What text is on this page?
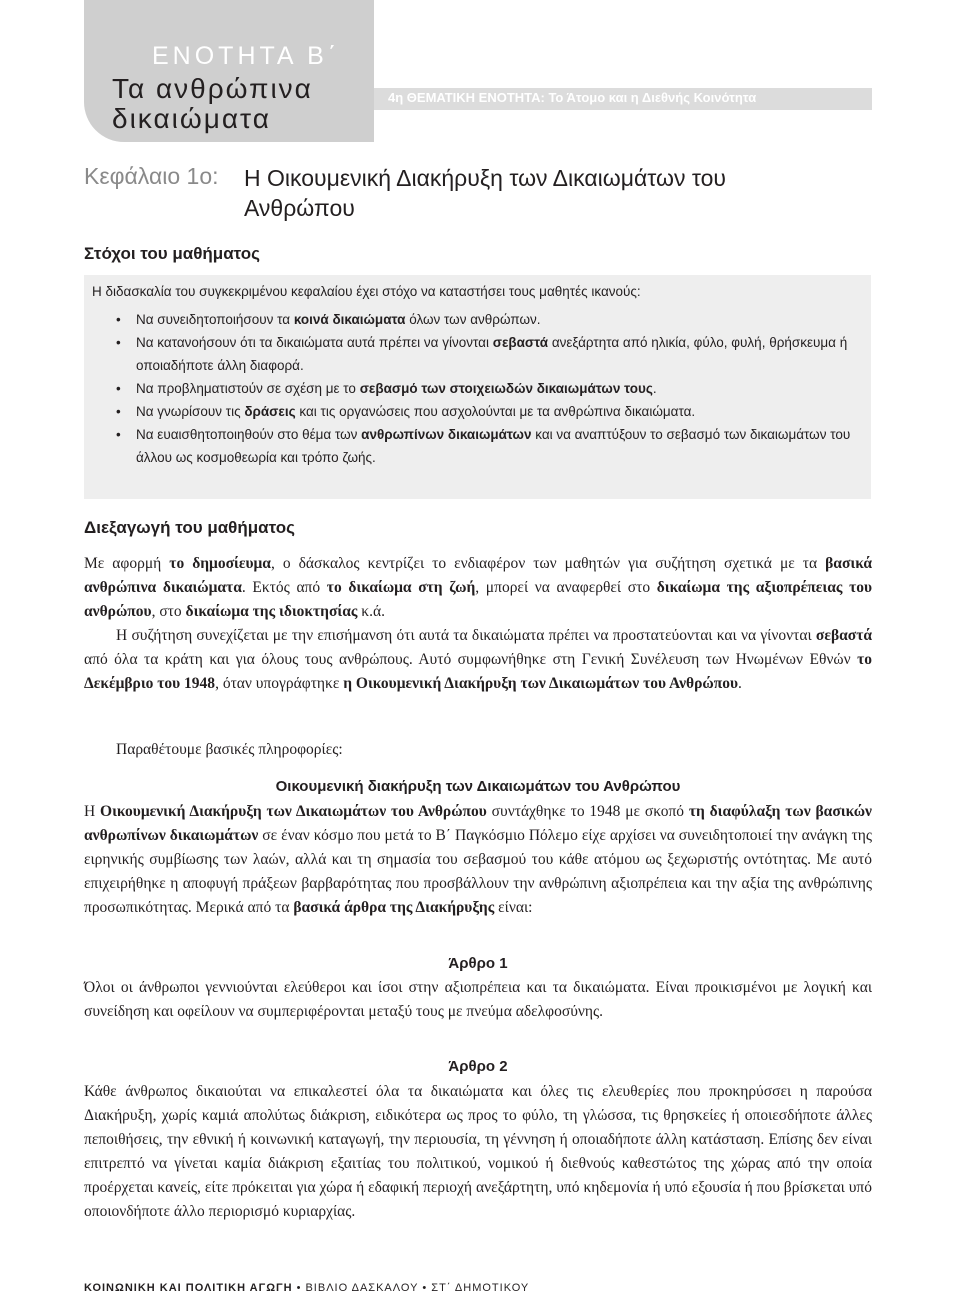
ΕΝΟΤΗΤΑ Β΄
Τα ανθρώπινα δικαιώματα
4η ΘΕΜΑΤΙΚΗ ΕΝΟΤΗΤΑ: Το Άτομο και η Διεθνής Κοινότητα
Κεφάλαιο 1ο: Η Οικουμενική Διακήρυξη των Δικαιωμάτων του Ανθρώπου
Στόχοι του μαθήματος
Η διδασκαλία του συγκεκριμένου κεφαλαίου έχει στόχο να καταστήσει τους μαθητές ικανούς:
• Να συνειδητοποιήσουν τα κοινά δικαιώματα όλων των ανθρώπων.
• Να κατανοήσουν ότι τα δικαιώματα αυτά πρέπει να γίνονται σεβαστά ανεξάρτητα από ηλικία, φύλο, φυλή, θρήσκευμα ή οποιαδήποτε άλλη διαφορά.
• Να προβληματιστούν σε σχέση με το σεβασμό των στοιχειωδών δικαιωμάτων τους.
• Να γνωρίσουν τις δράσεις και τις οργανώσεις που ασχολούνται με τα ανθρώπινα δικαιώματα.
• Να ευαισθητοποιηθούν στο θέμα των ανθρωπίνων δικαιωμάτων και να αναπτύξουν το σεβασμό των δικαιωμάτων του άλλου ως κοσμοθεωρία και τρόπο ζωής.
Διεξαγωγή του μαθήματος

Με αφορμή το δημοσίευμα, ο δάσκαλος κεντρίζει το ενδιαφέρον των μαθητών για συζήτηση σχετικά με τα βασικά ανθρώπινα δικαιώματα. Εκτός από το δικαίωμα στη ζωή, μπορεί να αναφερθεί στο δικαίωμα της αξιοπρέπειας του ανθρώπου, στο δικαίωμα της ιδιοκτησίας κ.ά.

Η συζήτηση συνεχίζεται με την επισήμανση ότι αυτά τα δικαιώματα πρέπει να προστατεύονται και να γίνονται σεβαστά από όλα τα κράτη και για όλους τους ανθρώπους. Αυτό συμφωνήθηκε στη Γενική Συνέλευση των Ηνωμένων Εθνών το Δεκέμβριο του 1948, όταν υπογράφτηκε η Οικουμενική Διακήρυξη των Δικαιωμάτων του Ανθρώπου.

Παραθέτουμε βασικές πληροφορίες:

Οικουμενική διακήρυξη των Δικαιωμάτων του Ανθρώπου

Η Οικουμενική Διακήρυξη των Δικαιωμάτων του Ανθρώπου συντάχθηκε το 1948 με σκοπό τη διαφύλαξη των βασικών ανθρωπίνων δικαιωμάτων σε έναν κόσμο που μετά το Β΄ Παγκόσμιο Πόλεμο είχε αρχίσει να συνειδητοποιεί την ανάγκη της ειρηνικής συμβίωσης των λαών, αλλά και τη σημασία του σεβασμού του κάθε ατόμου ως ξεχωριστής οντότητας. Με αυτό επιχειρήθηκε η αποφυγή πράξεων βαρβαρότητας που προσβάλλουν την ανθρώπινη αξιοπρέπεια και την αξία της ανθρώπινης προσωπικότητας. Μερικά από τα βασικά άρθρα της Διακήρυξης είναι:

Άρθρο 1

Όλοι οι άνθρωποι γεννιούνται ελεύθεροι και ίσοι στην αξιοπρέπεια και τα δικαιώματα. Είναι προικισμένοι με λογική και συνείδηση και οφείλουν να συμπεριφέρονται μεταξύ τους με πνεύμα αδελφοσύνης.

Άρθρο 2

Κάθε άνθρωπος δικαιούται να επικαλεστεί όλα τα δικαιώματα και όλες τις ελευθερίες που προκηρύσσει η παρούσα Διακήρυξη, χωρίς καμιά απολύτως διάκριση, ειδικότερα ως προς το φύλο, τη γλώσσα, τις θρησκείες ή οποιεσδήποτε άλλες πεποιθήσεις, την εθνική ή κοινωνική καταγωγή, την περιουσία, τη γέννηση ή οποιαδήποτε άλλη κατάσταση. Επίσης δεν είναι επιτρεπτό να γίνεται καμία διάκριση εξαιτίας του πολιτικού, νομικού ή διεθνούς καθεστώτος της χώρας από την οποία προέρχεται κανείς, είτε πρόκειται για χώρα ή εδαφική περιοχή ανεξάρτητη, υπό κηδεμονία ή υπό εξουσία ή που βρίσκεται υπό οποιονδήποτε άλλο περιορισμό κυριαρχίας.

ΚΟΙΝΩΝΙΚΗ ΚΑΙ ΠΟΛΙΤΙΚΗ ΑΓΩΓΗ • ΒΙΒΛΙΟ ΔΑΣΚΑΛΟΥ • ΣΤ΄ ΔΗΜΟΤΙΚΟΥ
